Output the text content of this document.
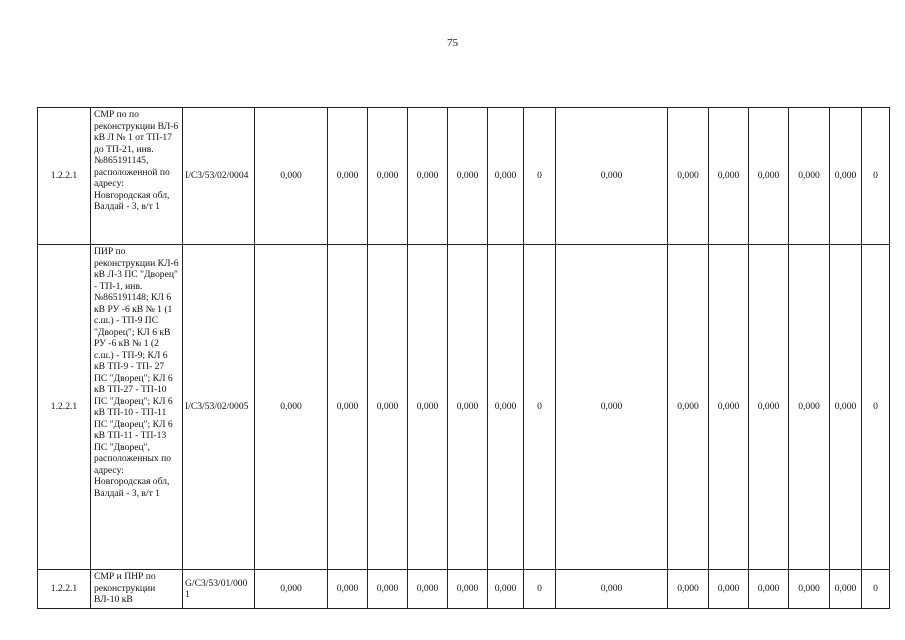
75
1.2.2.1	СМР по по реконструкции ВЛ-6 кВ Л № 1 от ТП-17 до ТП-21, инв. №865191145, расположенной по адресу: Новгородская обл, Валдай - 3, в/т 1	I/C3/53/02/0004	0,000	0,000	0,000	0,000	0,000	0,000	0	0,000	0,000	0,000	0,000	0,000	0,000	0
1.2.2.1	ПИР по реконструкции КЛ-6 кВ Л-3 ПС "Дворец" - ТП-1, инв. №865191148; КЛ 6 кВ РУ -6 кВ № 1 (1 с.ш.) - ТП-9 ПС "Дворец"; КЛ 6 кВ РУ -6 кВ № 1 (2 с.ш.) - ТП-9; КЛ 6 кВ ТП-9 - ТП- 27 ПС "Дворец"; КЛ 6 кВ ТП-27 - ТП-10 ПС "Дворец"; КЛ 6 кВ ТП-10 - ТП-11 ПС "Дворец"; КЛ 6 кВ ТП-11 - ТП-13 ПС "Дворец", расположенных по адресу: Новгородская обл, Валдай - 3, в/т 1	I/C3/53/02/0005	0,000	0,000	0,000	0,000	0,000	0,000	0	0,000	0,000	0,000	0,000	0,000	0,000	0
1.2.2.1	СМР и ПНР по реконструкции ВЛ-10 кВ	G/C3/53/01/0001	0,000	0,000	0,000	0,000	0,000	0,000	0	0,000	0,000	0,000	0,000	0,000	0,000	0
